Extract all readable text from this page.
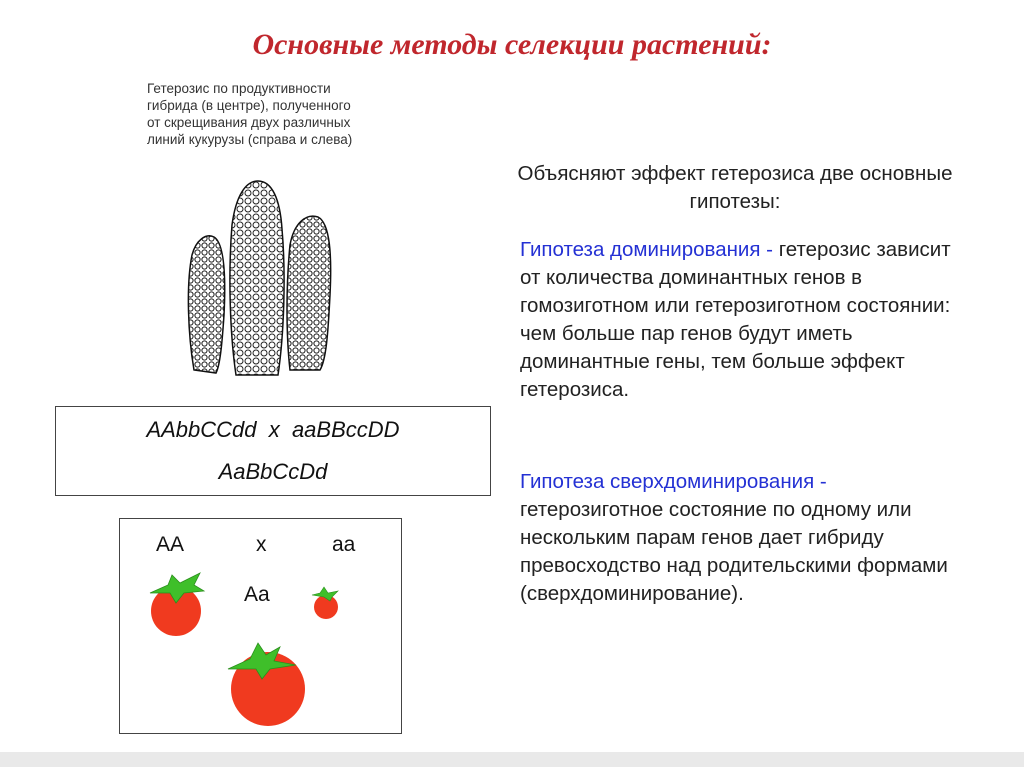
Основные методы селекции растений:
Гетерозис по продуктивности
гибрида (в центре), полученного
от скрещивания двух различных
линий кукурузы (справа и слева)
AAbbCCdd  x  aaBBccDD
AaBbCcDd
AA	x	aa
Aa
Объясняют эффект гетерозиса две основные гипотезы:
Гипотеза доминирования - гетерозис зависит от количества доминантных генов в гомозиготном или гетерозиготном состоянии: чем больше пар генов будут иметь доминантные гены, тем больше эффект гетерозиса.
Гипотеза сверхдоминирования - гетерозиготное состояние по одному или нескольким парам генов дает гибриду превосходство над родительскими формами (сверхдоминирование).
